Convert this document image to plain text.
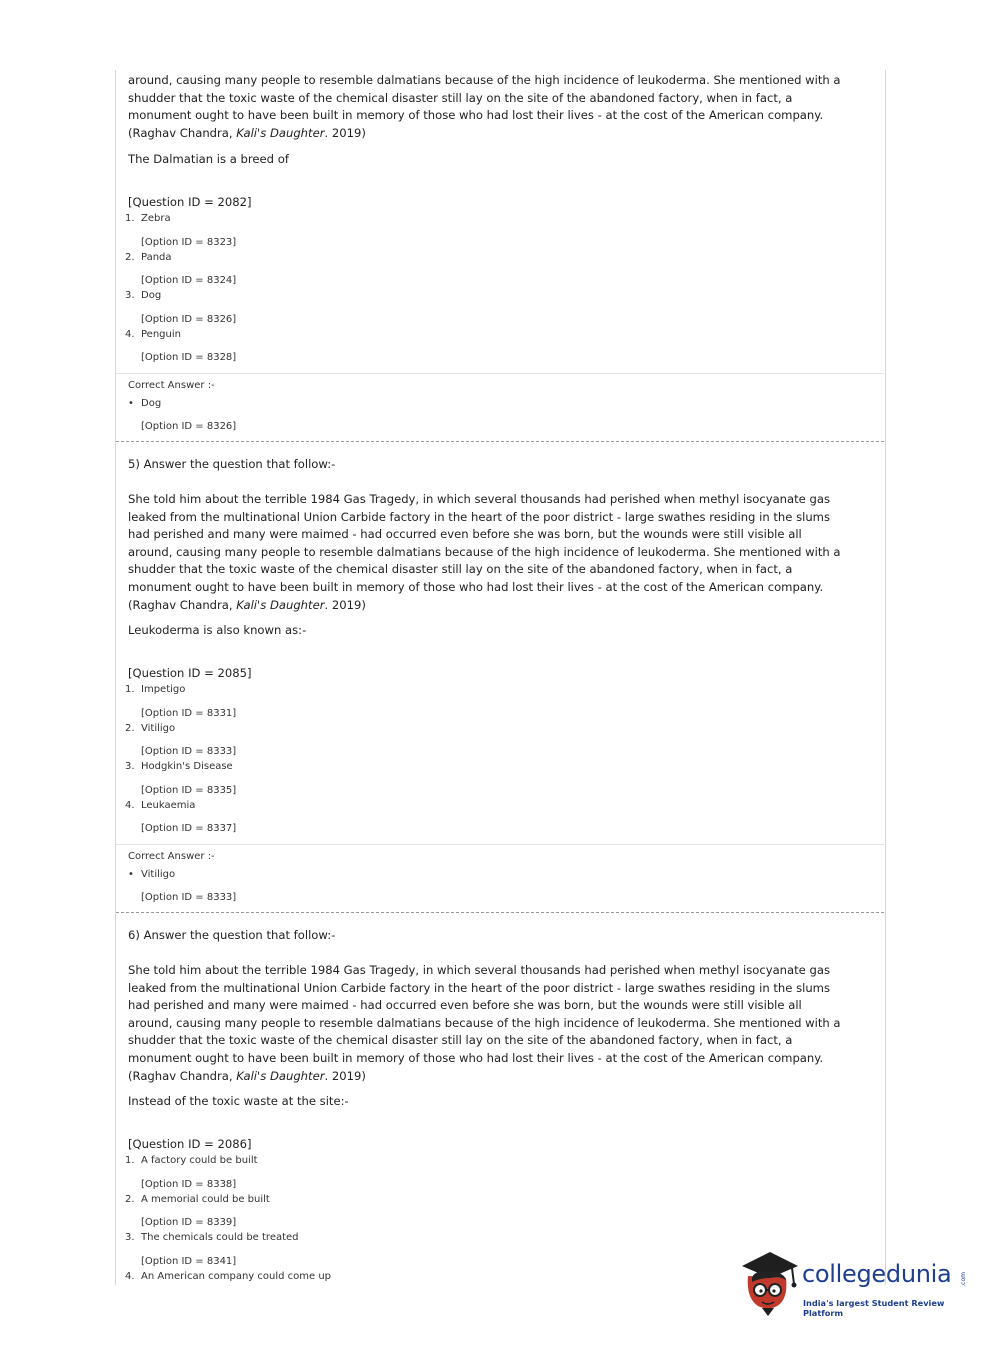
around, causing many people to resemble dalmatians because of the high incidence of leukoderma. She mentioned with a
shudder that the toxic waste of the chemical disaster still lay on the site of the abandoned factory, when in fact, a
monument ought to have been built in memory of those who had lost their lives - at the cost of the American company.
(Raghav Chandra, Kali's Daughter. 2019)
The Dalmatian is a breed of
[Question ID = 2082]
1. Zebra
[Option ID = 8323]
2. Panda
[Option ID = 8324]
3. Dog
[Option ID = 8326]
4. Penguin
[Option ID = 8328]
Correct Answer :-
• Dog
[Option ID = 8326]
5) Answer the question that follow:-
She told him about the terrible 1984 Gas Tragedy, in which several thousands had perished when methyl isocyanate gas
leaked from the multinational Union Carbide factory in the heart of the poor district - large swathes residing in the slums
had perished and many were maimed - had occurred even before she was born, but the wounds were still visible all
around, causing many people to resemble dalmatians because of the high incidence of leukoderma. She mentioned with a
shudder that the toxic waste of the chemical disaster still lay on the site of the abandoned factory, when in fact, a
monument ought to have been built in memory of those who had lost their lives - at the cost of the American company.
(Raghav Chandra, Kali's Daughter. 2019)
Leukoderma is also known as:-
[Question ID = 2085]
1. Impetigo
[Option ID = 8331]
2. Vitiligo
[Option ID = 8333]
3. Hodgkin's Disease
[Option ID = 8335]
4. Leukaemia
[Option ID = 8337]
Correct Answer :-
• Vitiligo
[Option ID = 8333]
6) Answer the question that follow:-
She told him about the terrible 1984 Gas Tragedy, in which several thousands had perished when methyl isocyanate gas
leaked from the multinational Union Carbide factory in the heart of the poor district - large swathes residing in the slums
had perished and many were maimed - had occurred even before she was born, but the wounds were still visible all
around, causing many people to resemble dalmatians because of the high incidence of leukoderma. She mentioned with a
shudder that the toxic waste of the chemical disaster still lay on the site of the abandoned factory, when in fact, a
monument ought to have been built in memory of those who had lost their lives - at the cost of the American company.
(Raghav Chandra, Kali's Daughter. 2019)
Instead of the toxic waste at the site:-
[Question ID = 2086]
1. A factory could be built
[Option ID = 8338]
2. A memorial could be built
[Option ID = 8339]
3. The chemicals could be treated
[Option ID = 8341]
4. An American company could come up	collegedunia .com
India's largest Student Review Platform
